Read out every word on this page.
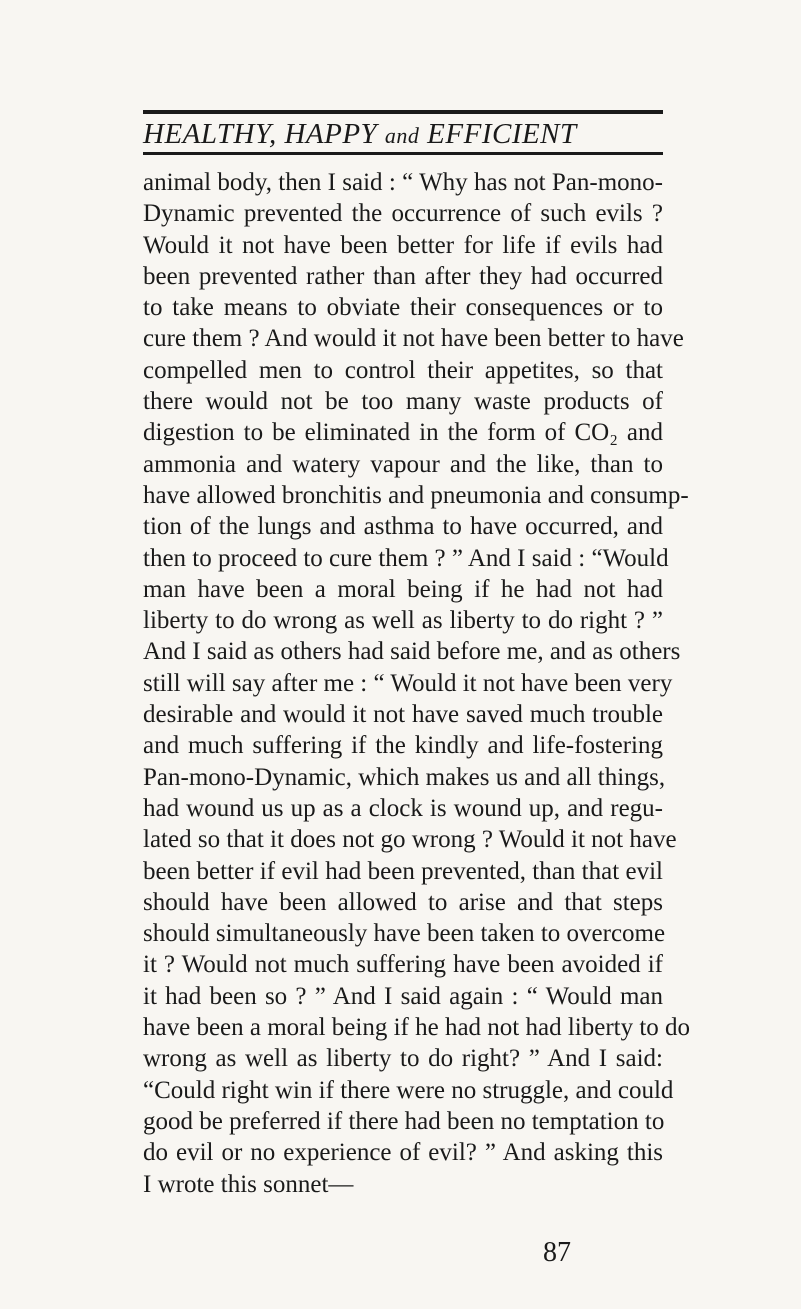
HEALTHY, HAPPY and EFFICIENT
animal body, then I said : “ Why has not Pan-mono-
Dynamic prevented the occurrence of such evils ?
Would it not have been better for life if evils had
been prevented rather than after they had occurred
to take means to obviate their consequences or to
cure them ? And would it not have been better to have
compelled men to control their appetites, so that
there would not be too many waste products of
digestion to be eliminated in the form of CO₂ and
ammonia and watery vapour and the like, than to
have allowed bronchitis and pneumonia and consump-
tion of the lungs and asthma to have occurred, and
then to proceed to cure them ? ” And I said : “Would
man have been a moral being if he had not had
liberty to do wrong as well as liberty to do right ? ”
And I said as others had said before me, and as others
still will say after me : “ Would it not have been very
desirable and would it not have saved much trouble
and much suffering if the kindly and life-fostering
Pan-mono-Dynamic, which makes us and all things,
had wound us up as a clock is wound up, and regu-
lated so that it does not go wrong ? Would it not have
been better if evil had been prevented, than that evil
should have been allowed to arise and that steps
should simultaneously have been taken to overcome
it ? Would not much suffering have been avoided if
it had been so ? ” And I said again : “ Would man
have been a moral being if he had not had liberty to do
wrong as well as liberty to do right? ” And I said:
“Could right win if there were no struggle, and could
good be preferred if there had been no temptation to
do evil or no experience of evil? ” And asking this
I wrote this sonnet—
87
